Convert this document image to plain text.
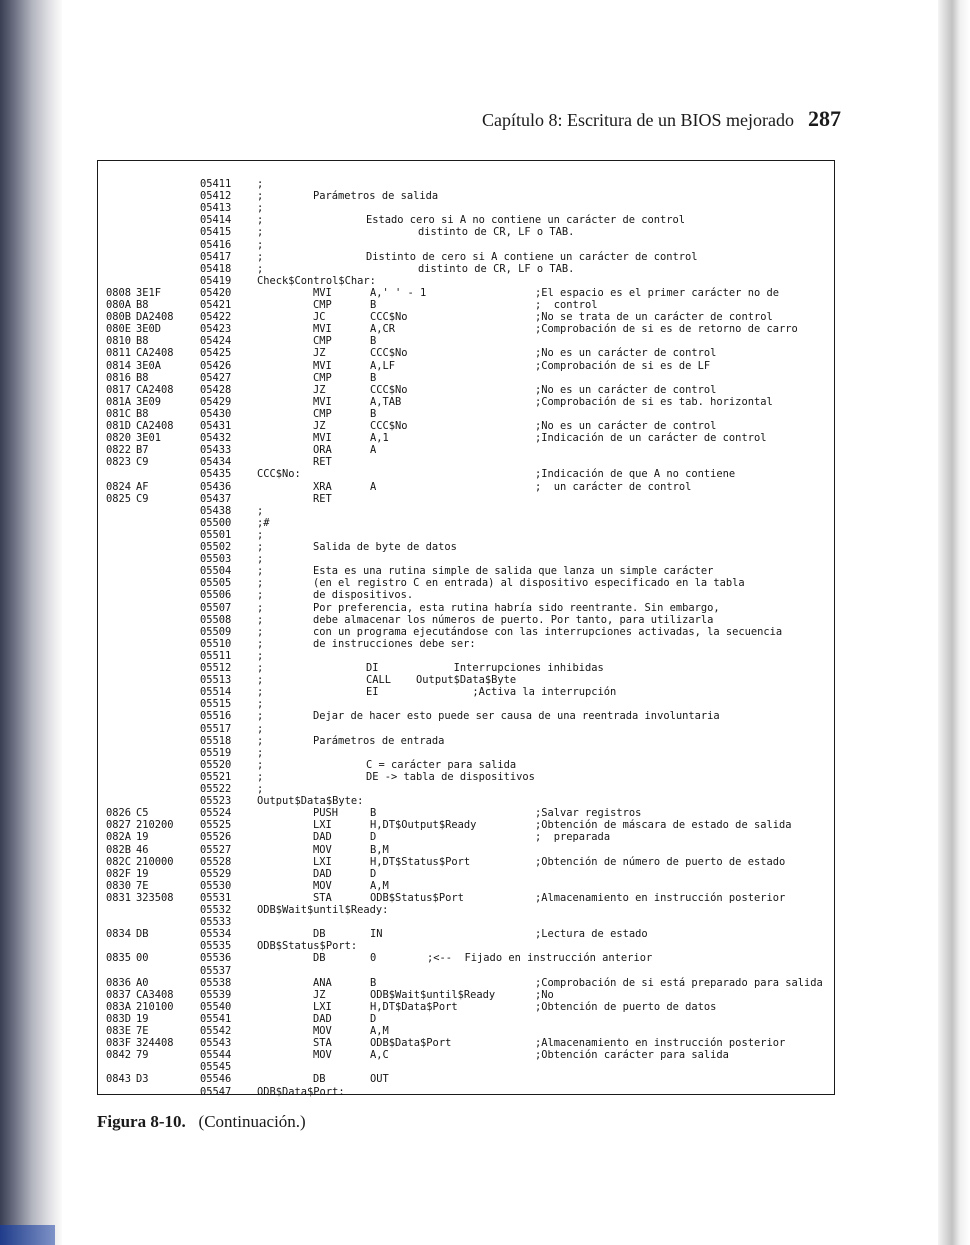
Capítulo 8: Escritura de un BIOS mejorado 287
05411 ;
05412 ;	Parámetros de salida
05413 ;
05414 ;	Estado cero si A no contiene un carácter de control
05415 ;	distinto de CR, LF o TAB.
05416 ;
05417 ;	Distinto de cero si A contiene un carácter de control
05418 ;	distinto de CR, LF o TAB.
05419 Check$Control$Char:
0808 3E1F	05420	MVI	A,' ' - 1	;El espacio es el primer carácter no de
080A B8	05421	CMP	B	;  control
080B DA2408	05422	JC	CCC$No	;No se trata de un carácter de control
080E 3E0D	05423	MVI	A,CR	;Comprobación de si es de retorno de carro
0810 B8	05424	CMP	B
0811 CA2408	05425	JZ	CCC$No	;No es un carácter de control
0814 3E0A	05426	MVI	A,LF	;Comprobación de si es de LF
0816 B8	05427	CMP	B
0817 CA2408	05428	JZ	CCC$No	;No es un carácter de control
081A 3E09	05429	MVI	A,TAB	;Comprobación de si es tab. horizontal
081C B8	05430	CMP	B
081D CA2408	05431	JZ	CCC$No	;No es un carácter de control
0820 3E01	05432	MVI	A,1	;Indicación de un carácter de control
0822 B7	05433	ORA	A
0823 C9	05434	RET
05435 CCC$No:	;Indicación de que A no contiene
0824 AF	05436	XRA	A	;  un carácter de control
0825 C9	05437	RET
05438 ;
05500 ;#
05501 ;
05502 ;	Salida de byte de datos
05503 ;
05504 ;	Esta es una rutina simple de salida que lanza un simple carácter
05505 ;	(en el registro C en entrada) al dispositivo especificado en la tabla
05506 ;	de dispositivos.
05507 ;	Por preferencia, esta rutina habría sido reentrante. Sin embargo,
05508 ;	debe almacenar los números de puerto. Por tanto, para utilizarla
05509 ;	con un programa ejecutándose con las interrupciones activadas, la secuencia
05510 ;	de instrucciones debe ser:
05511 ;
05512 ;	DI            Interrupciones inhibidas
05513 ;	CALL    Output$Data$Byte
05514 ;	EI               ;Activa la interrupción
05515 ;
05516 ;	Dejar de hacer esto puede ser causa de una reentrada involuntaria
05517 ;
05518 ;	Parámetros de entrada
05519 ;
05520 ;	C = carácter para salida
05521 ;	DE -> tabla de dispositivos
05522 ;
05523 Output$Data$Byte:
0826 C5	05524	PUSH	B	;Salvar registros
0827 210200	05525	LXI	H,DT$Output$Ready	;Obtención de máscara de estado de salida
082A 19	05526	DAD	D	;  preparada
082B 46	05527	MOV	B,M
082C 210000	05528	LXI	H,DT$Status$Port	;Obtención de número de puerto de estado
082F 19	05529	DAD	D
0830 7E	05530	MOV	A,M
0831 323508	05531	STA	ODB$Status$Port	;Almacenamiento en instrucción posterior
05532 ODB$Wait$until$Ready:
05533
0834 DB	05534	DB	IN	;Lectura de estado
05535 ODB$Status$Port:
0835 00	05536	DB	0	;<--  Fijado en instrucción anterior
05537
0836 A0	05538	ANA	B	;Comprobación de si está preparado para salida
0837 CA3408	05539	JZ	ODB$Wait$until$Ready	;No
083A 210100	05540	LXI	H,DT$Data$Port	;Obtención de puerto de datos
083D 19	05541	DAD	D
083E 7E	05542	MOV	A,M
083F 324408	05543	STA	ODB$Data$Port	;Almacenamiento en instrucción posterior
0842 79	05544	MOV	A,C	;Obtención carácter para salida
05545
0843 D3	05546	DB	OUT
05547 ODB$Data$Port:
Figura 8-10. (Continuación.)
